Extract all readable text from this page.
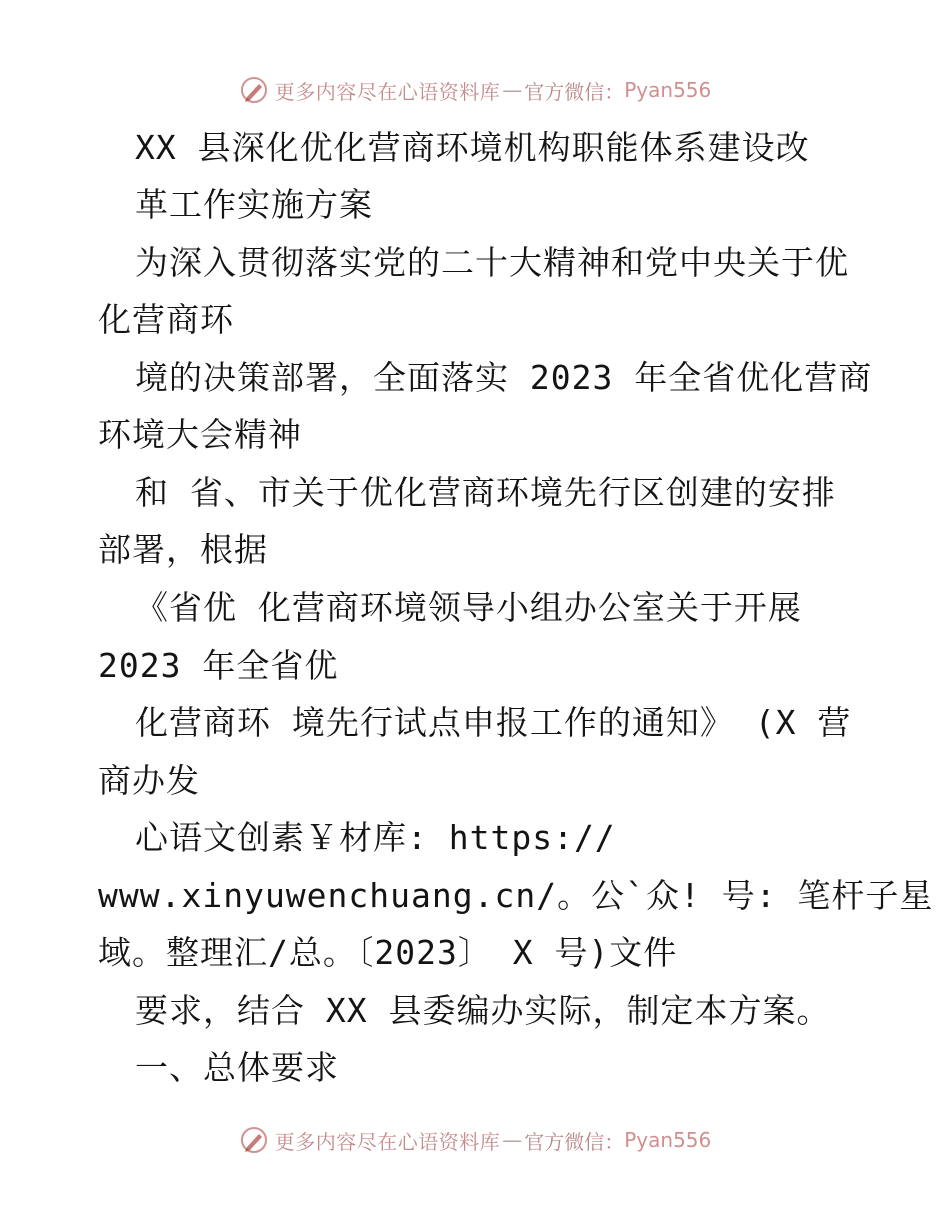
更多内容尽在心语资料库 — 官方微信： Pyan556
XX 县深化优化营商环境机构职能体系建设改
革工作实施方案
为深入贯彻落实党的二十大精神和党中央关于优
化营商环
境的决策部署，全面落实 2023 年全省优化营商
环境大会精神
和 省、市关于优化营商环境先行区创建的安排
部署，根据
《省优 化营商环境领导小组办公室关于开展
2023 年全省优
化营商环 境先行试点申报工作的通知》 (X 营
商办发
心语文创素￥材库: https://
www.xinyuwenchuang.cn/。公`众! 号: 笔杆子星
域。整理汇/总。〔2023〕 X 号)文件
要求，结合 XX 县委编办实际，制定本方案。
一、总体要求
更多内容尽在心语资料库 — 官方微信： Pyan556
